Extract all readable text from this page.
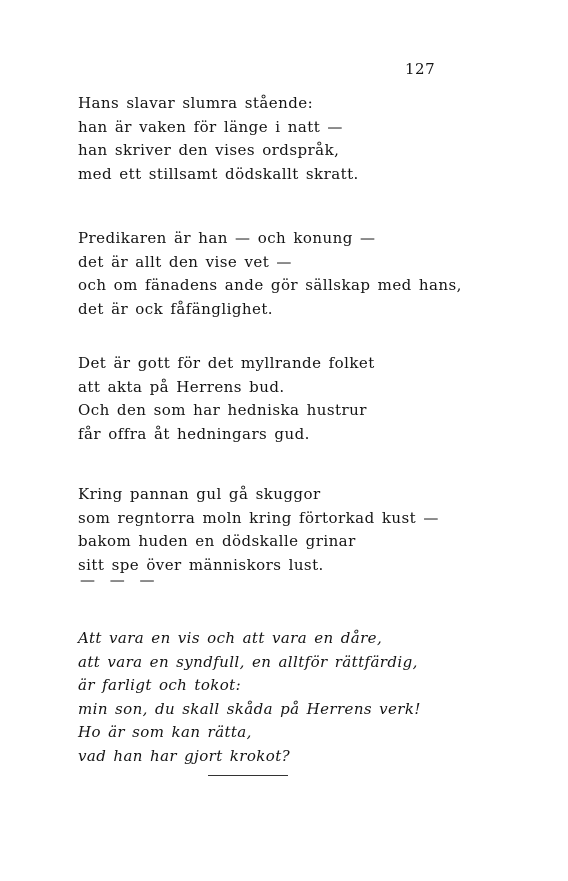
127
Hans slavar slumra stående:
han är vaken för länge i natt —
han skriver den vises ordspråk,
med ett stillsamt dödskallt skratt.
Predikaren är han — och konung —
det är allt den vise vet —
och om fänadens ande gör sällskap med hans,
det är ock fåfänglighet.
Det är gott för det myllrande folket
att akta på Herrens bud.
Och den som har hedniska hustrur
får offra åt hedningars gud.
Kring pannan gul gå skuggor
som regntorra moln kring förtorkad kust —
bakom huden en dödskalle grinar
sitt spe över människors lust.
— — —
Att vara en vis och att vara en dåre,
att vara en syndfull, en alltför rättfärdig,
är farligt och tokot:
min son, du skall skåda på Herrens verk!
Ho är som kan rätta,
vad han har gjort krokot?
